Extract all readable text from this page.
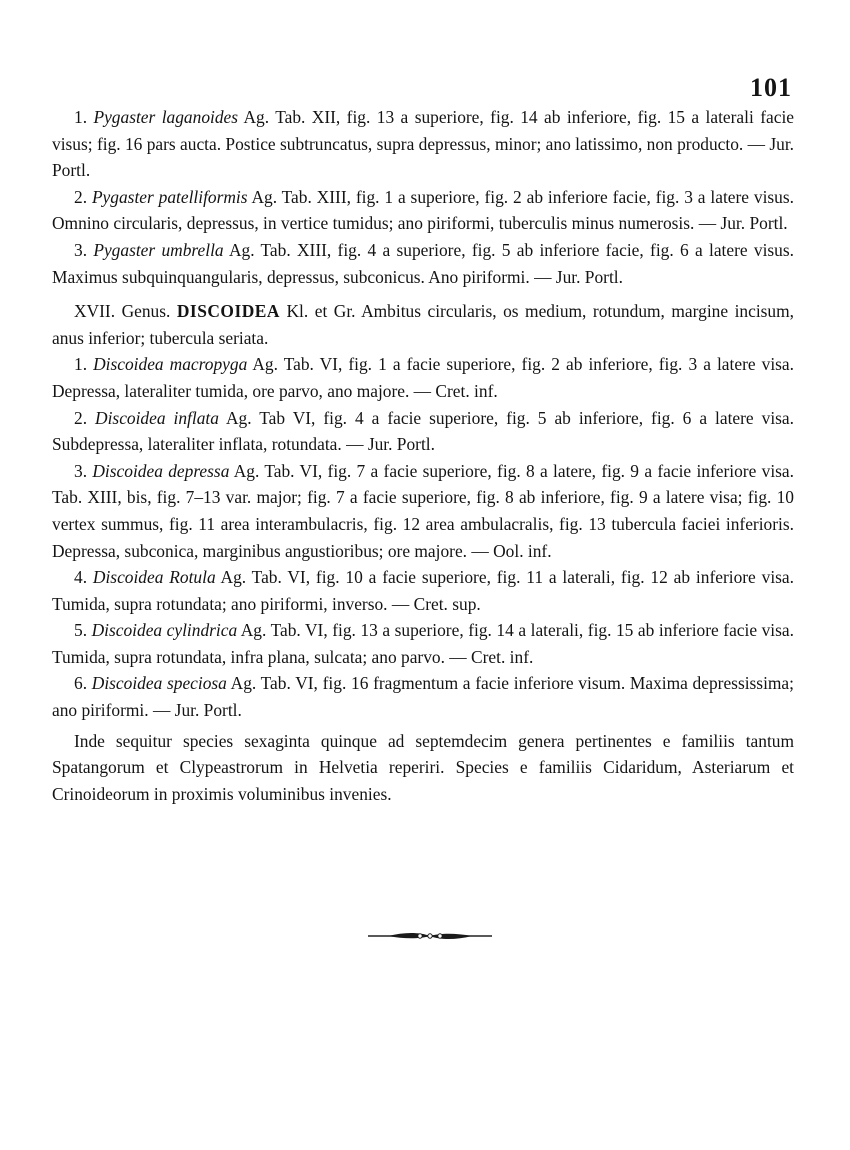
101

1. Pygaster laganoides Ag. Tab. XII, fig. 13 a superiore, fig. 14 ab inferiore, fig. 15 a laterali facie visus; fig. 16 pars aucta. Postice subtruncatus, supra depressus, minor; ano latissimo, non producto. — Jur. Portl.

2. Pygaster patelliformis Ag. Tab. XIII, fig. 1 a superiore, fig. 2 ab inferiore facie, fig. 3 a latere visus. Omnino circularis, depressus, in vertice tumidus; ano piriformi, tuberculis minus numerosis. — Jur. Portl.

3. Pygaster umbrella Ag. Tab. XIII, fig. 4 a superiore, fig. 5 ab inferiore facie, fig. 6 a latere visus. Maximus subquinquangularis, depressus, subconicus. Ano piriformi. — Jur. Portl.

XVII. Genus. DISCOIDEA Kl. et Gr. Ambitus circularis, os medium, rotundum, margine incisum, anus inferior; tubercula seriata.

1. Discoidea macropyga Ag. Tab. VI, fig. 1 a facie superiore, fig. 2 ab inferiore, fig. 3 a latere visa. Depressa, lateraliter tumida, ore parvo, ano majore. — Cret. inf.

2. Discoidea inflata Ag. Tab VI, fig. 4 a facie superiore, fig. 5 ab inferiore, fig. 6 a latere visa. Subdepressa, lateraliter inflata, rotundata. — Jur. Portl.

3. Discoidea depressa Ag. Tab. VI, fig. 7 a facie superiore, fig. 8 a latere, fig. 9 a facie inferiore visa. Tab. XIII, bis, fig. 7–13 var. major; fig. 7 a facie superiore, fig. 8 ab inferiore, fig. 9 a latere visa; fig. 10 vertex summus, fig. 11 area interambulacris, fig. 12 area ambulacralis, fig. 13 tubercula faciei inferioris. Depressa, subconica, marginibus angustioribus; ore majore. — Ool. inf.

4. Discoidea Rotula Ag. Tab. VI, fig. 10 a facie superiore, fig. 11 a laterali, fig. 12 ab inferiore visa. Tumida, supra rotundata; ano piriformi, inverso. — Cret. sup.

5. Discoidea cylindrica Ag. Tab. VI, fig. 13 a superiore, fig. 14 a laterali, fig. 15 ab inferiore facie visa. Tumida, supra rotundata, infra plana, sulcata; ano parvo. — Cret. inf.

6. Discoidea speciosa Ag. Tab. VI, fig. 16 fragmentum a facie inferiore visum. Maxima depressissima; ano piriformi. — Jur. Portl.

Inde sequitur species sexaginta quinque ad septemdecim genera pertinentes e familiis tantum Spatangorum et Clypeastrorum in Helvetia reperiri. Species e familiis Cidaridum, Asteriarum et Crinoideorum in proximis voluminibus invenies.
